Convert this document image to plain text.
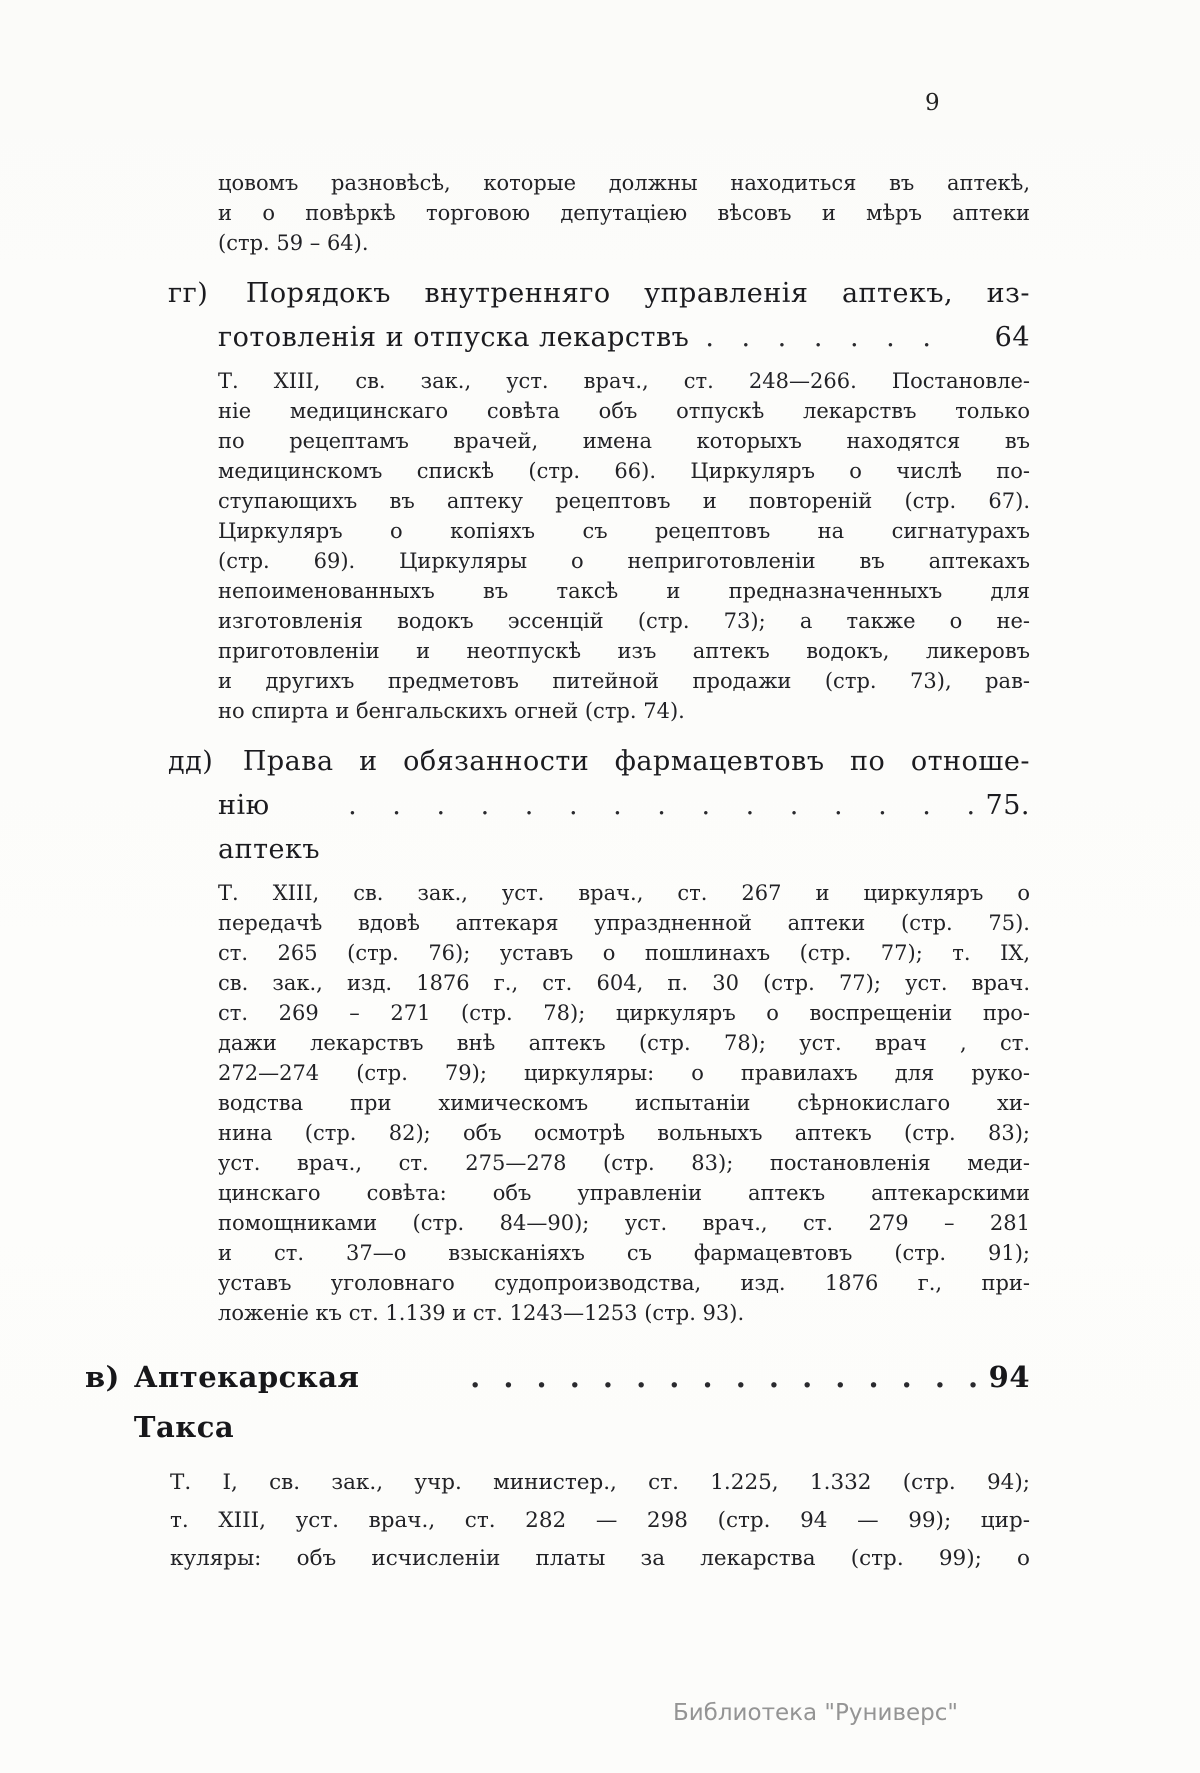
9
цовомъ разновѣсѣ, которые должны находиться въ аптекѣ,
и о повѣркѣ торговою депутаціею вѣсовъ и мѣръ аптеки
(стр. 59 – 64).
гг) Порядокъ внутренняго управленія аптекъ, из-
готовленія и отпуска лекарствъ . . . . . . .	64
Т. XIII, св. зак., уст. врач., ст. 248—266. Постановле-
ніе медицинскаго совѣта объ отпускѣ лекарствъ только
по рецептамъ врачей, имена которыхъ находятся въ
медицинскомъ спискѣ (стр. 66). Циркуляръ о числѣ по-
ступающихъ въ аптеку рецептовъ и повтореній (стр. 67).
Циркуляръ о копіяхъ съ рецептовъ на сигнатурахъ
(стр. 69). Циркуляры о неприготовленіи въ аптекахъ
непоименованныхъ въ таксѣ и предназначенныхъ для
изготовленія водокъ эссенцій (стр. 73); а также о не-
приготовленіи и неотпускѣ изъ аптекъ водокъ, ликеровъ
и другихъ предметовъ питейной продажи (стр. 73), рав-
но спирта и бенгальскихъ огней (стр. 74).
дд) Права и обязанности фармацевтовъ по отноше-
нію аптекъ
. . . . . . . . . . . . . . . 75.
Т. XIII, св. зак., уст. врач., ст. 267 и циркуляръ о
передачѣ вдовѣ аптекаря упраздненной аптеки (стр. 75).
ст. 265 (стр. 76); уставъ о пошлинахъ (стр. 77); т. IX,
св. зак., изд. 1876 г., ст. 604, п. 30 (стр. 77); уст. врач.
ст. 269 – 271 (стр. 78); циркуляръ о воспрещеніи про-
дажи лекарствъ внѣ аптекъ (стр. 78); уст. врач , ст.
272—274 (стр. 79); циркуляры: о правилахъ для руко-
водства при химическомъ испытаніи сѣрнокислаго хи-
нина (стр. 82); объ осмотрѣ вольныхъ аптекъ (стр. 83);
уст. врач., ст. 275—278 (стр. 83); постановленія меди-
цинскаго совѣта: объ управленіи аптекъ аптекарскими
помощниками (стр. 84—90); уст. врач., ст. 279 – 281
и ст. 37—о взысканіяхъ съ фармацевтовъ (стр. 91);
уставъ уголовнаго судопроизводства, изд. 1876 г., при-
ложеніе къ ст. 1.139 и ст. 1243—1253 (стр. 93).
в) Аптекарская Такса
. . . . . . . . . . . . . . . . 94
Т. I, св. зак., учр. министер., ст. 1.225, 1.332 (стр. 94);
т. XIII, уст. врач., ст. 282 — 298 (стр. 94 — 99); цир-
куляры: объ исчисленіи платы за лекарства (стр. 99); о
Библиотека "Руниверс"
